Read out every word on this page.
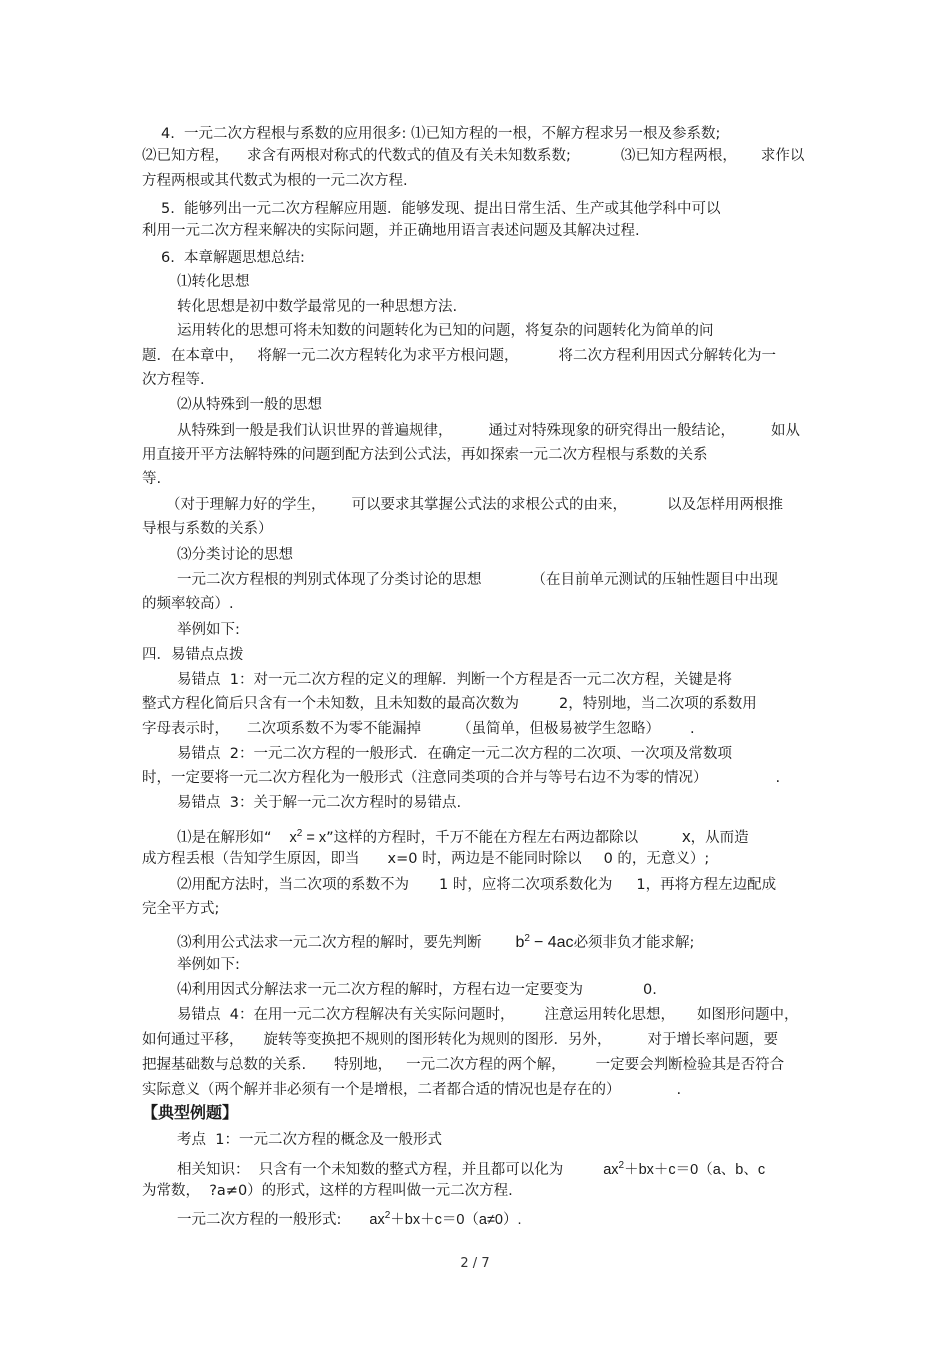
4.  一元二次方程根与系数的应用很多: ⑴已知方程的一根，不解方程求另一根及参系数;
⑵已知方程， 求含有两根对称式的代数式的值及有关未知数系数;	⑶已知方程两根， 求作以
方程两根或其代数式为根的一元二次方程.
5.  能够列出一元二次方程解应用题．能够发现、提出日常生活、生产或其他学科中可以
利用一元二次方程来解决的实际问题，并正确地用语言表述问题及其解决过程.
6.  本章解题思想总结:
⑴转化思想
转化思想是初中数学最常见的一种思想方法.
运用转化的思想可将未知数的问题转化为已知的问题，将复杂的问题转化为简单的问
题．在本章中， 将解一元二次方程转化为求平方根问题，	将二次方程利用因式分解转化为一
次方程等.
⑵从特殊到一般的思想
从特殊到一般是我们认识世界的普遍规律， 通过对特殊现象的研究得出一般结论， 如从
用直接开平方法解特殊的问题到配方法到公式法，再如探索一元二次方程根与系数的关系
等.
（对于理解力好的学生， 可以要求其掌握公式法的求根公式的由来，	以及怎样用两根推
导根与系数的关系）
⑶分类讨论的思想
一元二次方程根的判别式体现了分类讨论的思想	（在目前单元测试的压轴性题目中出现
的频率较高）.
举例如下:
四．易错点点拨
易错点  1：对一元二次方程的定义的理解．判断一个方程是否一元二次方程，关键是将
整式方程化简后只含有一个未知数，且未知数的最高次数为	2，特别地，当二次项的系数用
字母表示时， 二次项系数不为零不能漏掉 （虽简单，但极易被学生忽略） .
易错点  2：一元二次方程的一般形式．在确定一元二次方程的二次项、一次项及常数项
时，一定要将一元二次方程化为一般形式（注意同类项的合并与等号右边不为零的情况）	.
易错点  3：关于解一元二次方程时的易错点.
⑴是在解形如“ $x^2 = x$”这样的方程时，千万不能在方程左右两边都除以	x，从而造
成方程丢根（告知学生原因，即当 x=0 时，两边是不能同时除以 0 的，无意义）;
⑵用配方法时，当二次项的系数不为 1 时，应将二次项系数化为 1，再将方程左边配成
完全平方式;
⑶利用公式法求一元二次方程的解时，要先判断 $b^2 - 4ac$必须非负才能求解;
举例如下:
⑷利用因式分解法求一元二次方程的解时，方程右边一定要变为	0.
易错点  4：在用一元二次方程解决有关实际问题时， 注意运用转化思想， 如图形问题中，
如何通过平移， 旋转等变换把不规则的图形转化为规则的图形．另外， 对于增长率问题，要
把握基础数与总数的关系. 特别地， 一元二次方程的两个解， 一定要会判断检验其是否符合
实际意义（两个解并非必须有一个是增根，二者都合适的情况也是存在的）	.
【典型例题】
考点  1：一元二次方程的概念及一般形式
相关知识：  只含有一个未知数的整式方程，并且都可以化为	$ax^2+bx+c=0(a$、b、c
为常数，  ?a≠0）的形式，这样的方程叫做一元二次方程.
一元二次方程的一般形式: $ax^2+bx+c=0(a\ne 0)$.
2 / 7
